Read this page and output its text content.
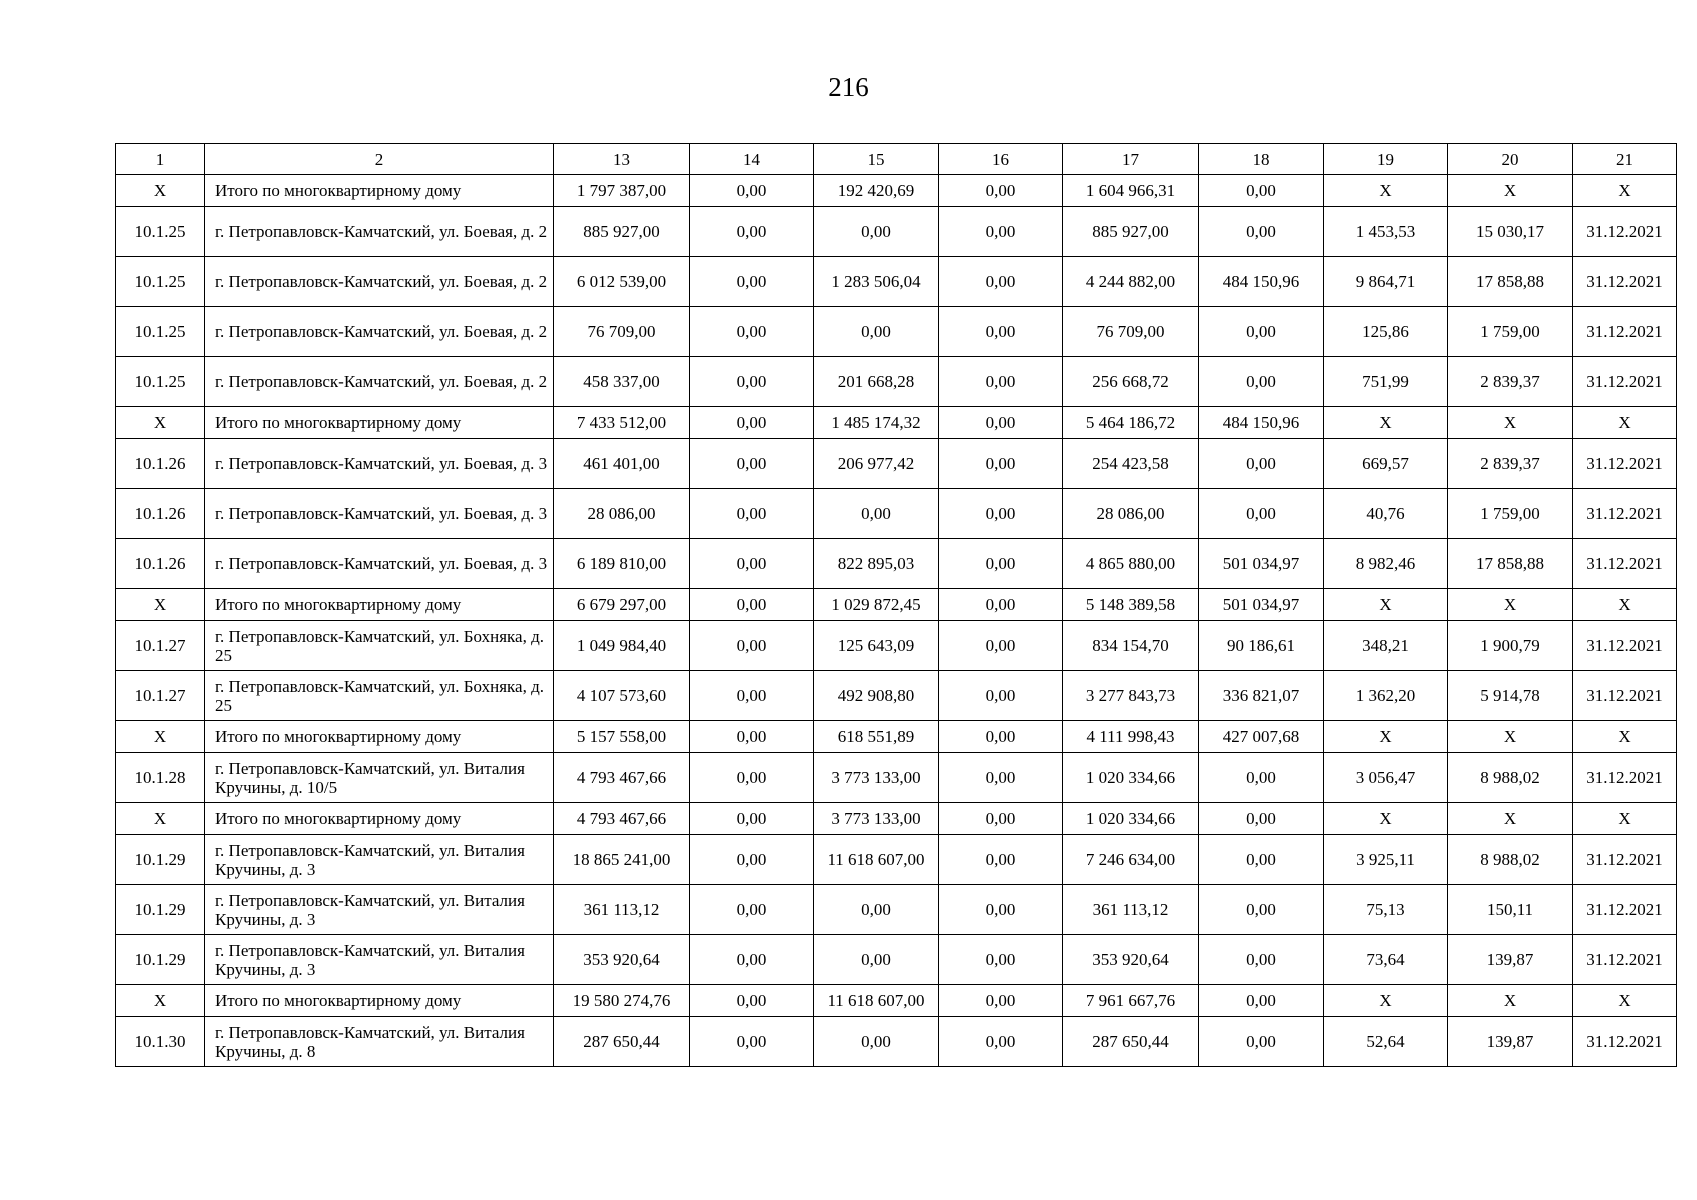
216
1	2	13	14	15	16	17	18	19	20	21
Х	Итого по многоквартирному дому	1 797 387,00	0,00	192 420,69	0,00	1 604 966,31	0,00	Х	Х	Х
10.1.25	г. Петропавловск-Камчатский, ул. Боевая, д. 2	885 927,00	0,00	0,00	0,00	885 927,00	0,00	1 453,53	15 030,17	31.12.2021
10.1.25	г. Петропавловск-Камчатский, ул. Боевая, д. 2	6 012 539,00	0,00	1 283 506,04	0,00	4 244 882,00	484 150,96	9 864,71	17 858,88	31.12.2021
10.1.25	г. Петропавловск-Камчатский, ул. Боевая, д. 2	76 709,00	0,00	0,00	0,00	76 709,00	0,00	125,86	1 759,00	31.12.2021
10.1.25	г. Петропавловск-Камчатский, ул. Боевая, д. 2	458 337,00	0,00	201 668,28	0,00	256 668,72	0,00	751,99	2 839,37	31.12.2021
Х	Итого по многоквартирному дому	7 433 512,00	0,00	1 485 174,32	0,00	5 464 186,72	484 150,96	Х	Х	Х
10.1.26	г. Петропавловск-Камчатский, ул. Боевая, д. 3	461 401,00	0,00	206 977,42	0,00	254 423,58	0,00	669,57	2 839,37	31.12.2021
10.1.26	г. Петропавловск-Камчатский, ул. Боевая, д. 3	28 086,00	0,00	0,00	0,00	28 086,00	0,00	40,76	1 759,00	31.12.2021
10.1.26	г. Петропавловск-Камчатский, ул. Боевая, д. 3	6 189 810,00	0,00	822 895,03	0,00	4 865 880,00	501 034,97	8 982,46	17 858,88	31.12.2021
Х	Итого по многоквартирному дому	6 679 297,00	0,00	1 029 872,45	0,00	5 148 389,58	501 034,97	Х	Х	Х
10.1.27	г. Петропавловск-Камчатский, ул. Бохняка, д. 25	1 049 984,40	0,00	125 643,09	0,00	834 154,70	90 186,61	348,21	1 900,79	31.12.2021
10.1.27	г. Петропавловск-Камчатский, ул. Бохняка, д. 25	4 107 573,60	0,00	492 908,80	0,00	3 277 843,73	336 821,07	1 362,20	5 914,78	31.12.2021
Х	Итого по многоквартирному дому	5 157 558,00	0,00	618 551,89	0,00	4 111 998,43	427 007,68	Х	Х	Х
10.1.28	г. Петропавловск-Камчатский, ул. Виталия Кручины, д. 10/5	4 793 467,66	0,00	3 773 133,00	0,00	1 020 334,66	0,00	3 056,47	8 988,02	31.12.2021
Х	Итого по многоквартирному дому	4 793 467,66	0,00	3 773 133,00	0,00	1 020 334,66	0,00	Х	Х	Х
10.1.29	г. Петропавловск-Камчатский, ул. Виталия Кручины, д. 3	18 865 241,00	0,00	11 618 607,00	0,00	7 246 634,00	0,00	3 925,11	8 988,02	31.12.2021
10.1.29	г. Петропавловск-Камчатский, ул. Виталия Кручины, д. 3	361 113,12	0,00	0,00	0,00	361 113,12	0,00	75,13	150,11	31.12.2021
10.1.29	г. Петропавловск-Камчатский, ул. Виталия Кручины, д. 3	353 920,64	0,00	0,00	0,00	353 920,64	0,00	73,64	139,87	31.12.2021
Х	Итого по многоквартирному дому	19 580 274,76	0,00	11 618 607,00	0,00	7 961 667,76	0,00	Х	Х	Х
10.1.30	г. Петропавловск-Камчатский, ул. Виталия Кручины, д. 8	287 650,44	0,00	0,00	0,00	287 650,44	0,00	52,64	139,87	31.12.2021
